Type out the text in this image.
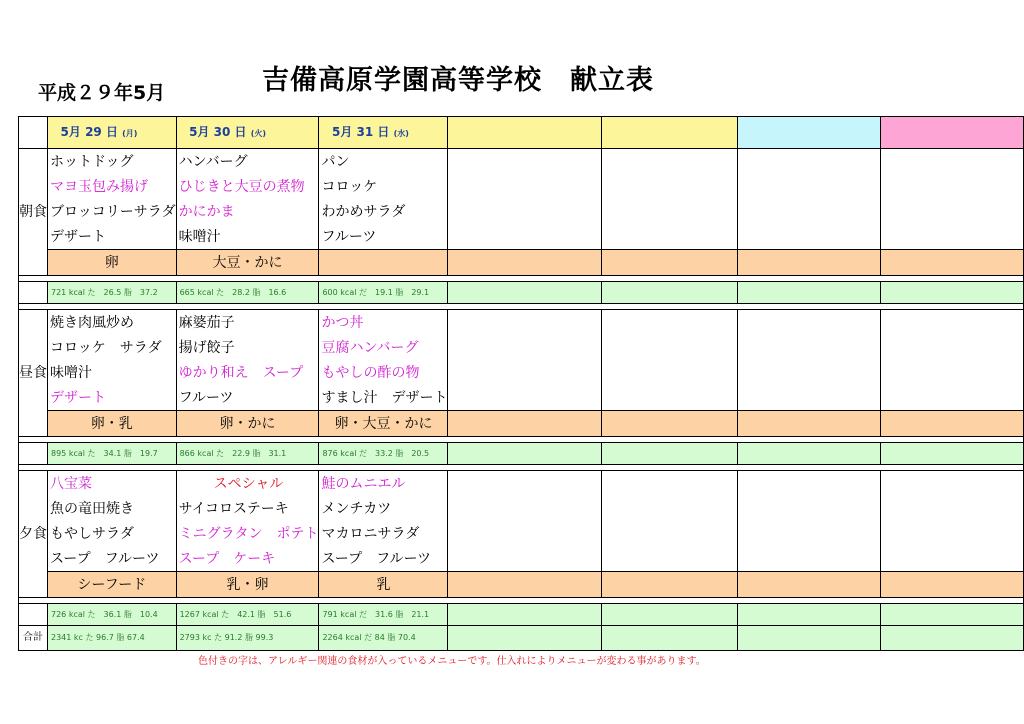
平成２９年5月	吉備高原学園高等学校　献立表
	5月 29 日 (月)	5月 30 日 (火)	5月 31 日 (水)				
朝食	ホットドッグ	ハンバーグ	パン				
	マヨ玉包み揚げ	ひじきと大豆の煮物	コロッケ				
	ブロッコリーサラダ	かにかま	わかめサラダ				
	デザート	味噌汁	フルーツ				
	卵	大豆・かに					

	721 kcal た　26.5 脂　37.2	665 kcal た　28.2 脂　16.6	600 kcal だ　19.1 脂　29.1				

昼食	焼き肉風炒め	麻婆茄子	かつ丼				
	コロッケ　サラダ	揚げ餃子	豆腐ハンバーグ				
	味噌汁	ゆかり和え　スープ	もやしの酢の物				
	デザート	フルーツ	すまし汁　デザート				
	卵・乳	卵・かに	卵・大豆・かに				

	895 kcal た　34.1 脂　19.7	866 kcal た　22.9 脂　31.1	876 kcal だ　33.2 脂　20.5				

夕食	八宝菜	スペシャル	鮭のムニエル				
	魚の竜田焼き	サイコロステーキ	メンチカツ				
	もやしサラダ	ミニグラタン　ポテト	マカロニサラダ				
	スープ　フルーツ	スープ　ケーキ	スープ　フルーツ				
	シーフード	乳・卵	乳				

	726 kcal た　36.1 脂　10.4	1267 kcal た　42.1 脂　51.6	791 kcal だ　31.6 脂　21.1				
合計	2341 kc た 96.7 脂 67.4	2793 kc た 91.2 脂 99.3	2264 kcal だ 84 脂 70.4				
色付きの字は、アレルギー関連の食材が入っているメニューです。仕入れによりメニューが変わる事があります。
